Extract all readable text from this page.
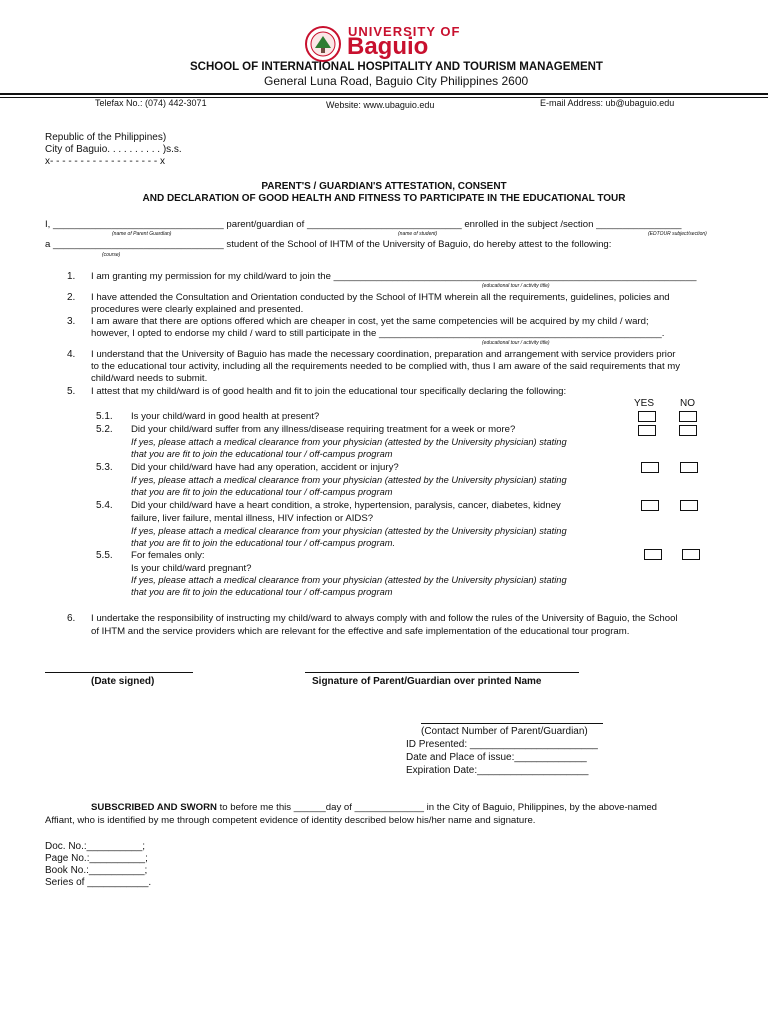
UNIVERSITY OF
Baguio
SCHOOL OF INTERNATIONAL HOSPITALITY AND TOURISM MANAGEMENT
General Luna Road, Baguio City Philippines 2600
Telefax No.: (074) 442-3071	Website: www.ubaguio.edu	E-mail Address: ub@ubaguio.edu
Republic of the Philippines)
City of Baguio. . . . . . . . . . )s.s.
x- - - - - - - - - - - - - - - - - - x
PARENT'S / GUARDIAN'S ATTESTATION, CONSENT
AND DECLARATION OF GOOD HEALTH AND FITNESS TO PARTICIPATE IN THE EDUCATIONAL TOUR
I, ________________________________ parent/guardian of _____________________________ enrolled in the subject /section ________________
(name of Parent Guardian)	(name of student)	(EDTOUR subject/section)
a ________________________________ student of the School of IHTM of the University of Baguio, do hereby attest to the following:
(course)
1. I am granting my permission for my child/ward to join the ____________________________________________________________________
(educational tour / activity title)
2. I have attended the Consultation and Orientation conducted by the School of IHTM wherein all the requirements, guidelines, policies and
procedures were clearly explained and presented.
3. I am aware that there are options offered which are cheaper in cost, yet the same competencies will be acquired by my child / ward;
however, I opted to endorse my child / ward to still participate in the _____________________________________________________.
(educational tour / activity title)
4. I understand that the University of Baguio has made the necessary coordination, preparation and arrangement with service providers prior
to the educational tour activity, including all the requirements needed to be complied with, thus I am aware of the said requirements that my
child/ward needs to submit.
5. I attest that my child/ward is of good health and fit to join the educational tour specifically declaring the following:
YES	NO
5.1. Is your child/ward in good health at present?
5.2. Did your child/ward suffer from any illness/disease requiring treatment for a week or more?
If yes, please attach a medical clearance from your physician (attested by the University physician) stating
that you are fit to join the educational tour / off-campus program
5.3. Did your child/ward have had any operation, accident or injury?
If yes, please attach a medical clearance from your physician (attested by the University physician) stating
that you are fit to join the educational tour / off-campus program
5.4. Did your child/ward have a heart condition, a stroke, hypertension, paralysis, cancer, diabetes, kidney
failure, liver failure, mental illness, HIV infection or AIDS?
If yes, please attach a medical clearance from your physician (attested by the University physician) stating
that you are fit to join the educational tour / off-campus program.
5.5. For females only:
Is your child/ward pregnant?
If yes, please attach a medical clearance from your physician (attested by the University physician) stating
that you are fit to join the educational tour / off-campus program
6. I undertake the responsibility of instructing my child/ward to always comply with and follow the rules of the University of Baguio, the School
of IHTM and the service providers which are relevant for the effective and safe implementation of the educational tour program.
(Date signed)	Signature of Parent/Guardian over printed Name
(Contact Number of Parent/Guardian)
ID Presented: _______________________
Date and Place of issue:_____________
Expiration Date:____________________
SUBSCRIBED AND SWORN to before me this ______day of _____________ in the City of Baguio, Philippines, by the above-named
Affiant, who is identified by me through competent evidence of identity described below his/her name and signature.
Doc. No.:__________;
Page No.:__________;
Book No.:__________;
Series of ___________.
